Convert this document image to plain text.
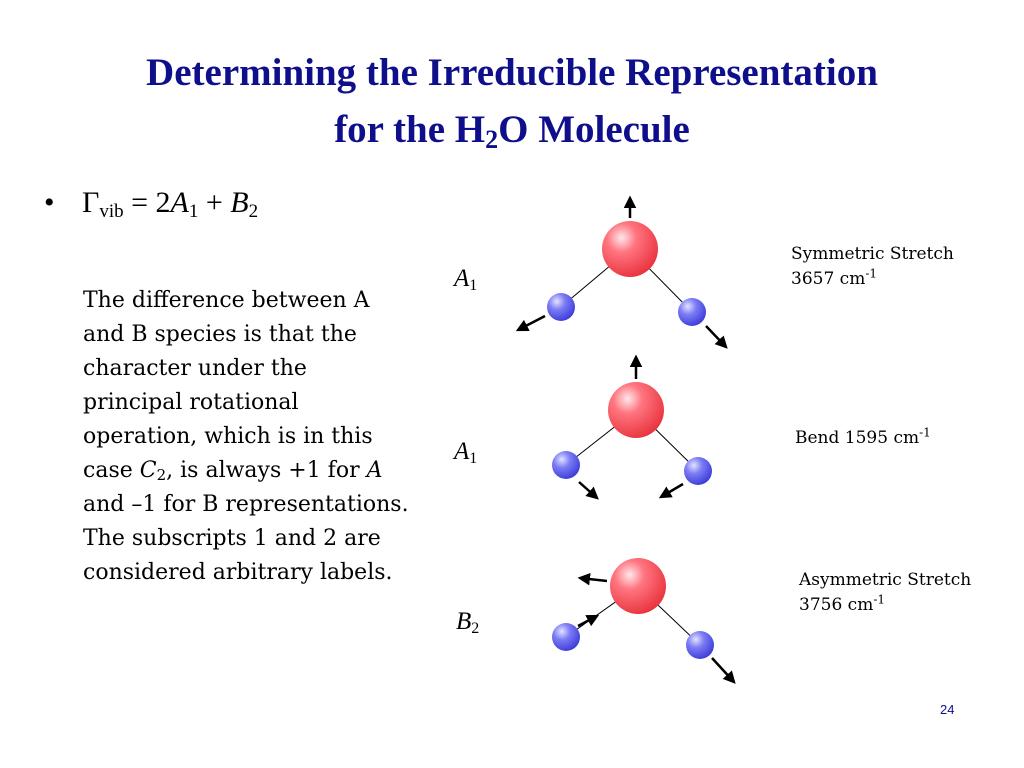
Determining the Irreducible Representation
for the $H_2O$ Molecule
• $\Gamma_{vib} = 2A_1 + B_2$
The difference between A and B species is that the character under the principal rotational operation, which is in this case $C_2$, is always +1 for A and –1 for B representations. The subscripts 1 and 2 are considered arbitrary labels.
$A_1$
$A_1$
$B_2$
Symmetric Stretch
3657 $cm^{-1}$
Bend 1595 $cm^{-1}$
Asymmetric Stretch
3756 $cm^{-1}$
24
